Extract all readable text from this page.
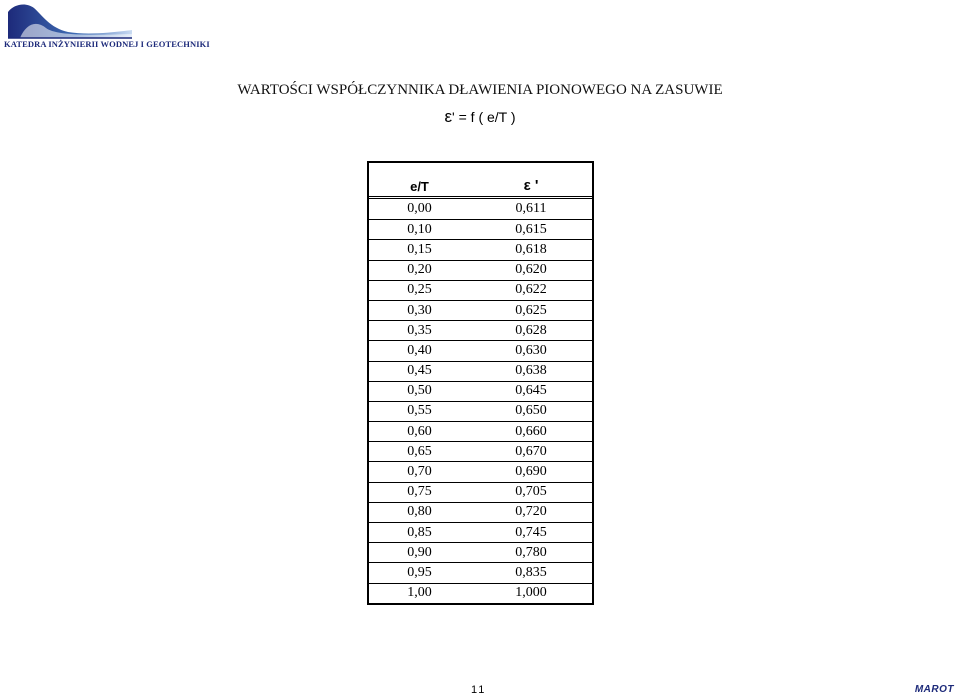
KATEDRA INŻYNIERII WODNEJ I GEOTECHNIKI
WARTOŚCI WSPÓŁCZYNNIKA DŁAWIENIA PIONOWEGO NA ZASUWIE
ε' = f ( e/T )
e/T	ε '
0,00	0,611
0,10	0,615
0,15	0,618
0,20	0,620
0,25	0,622
0,30	0,625
0,35	0,628
0,40	0,630
0,45	0,638
0,50	0,645
0,55	0,650
0,60	0,660
0,65	0,670
0,70	0,690
0,75	0,705
0,80	0,720
0,85	0,745
0,90	0,780
0,95	0,835
1,00	1,000
11	MAROT
